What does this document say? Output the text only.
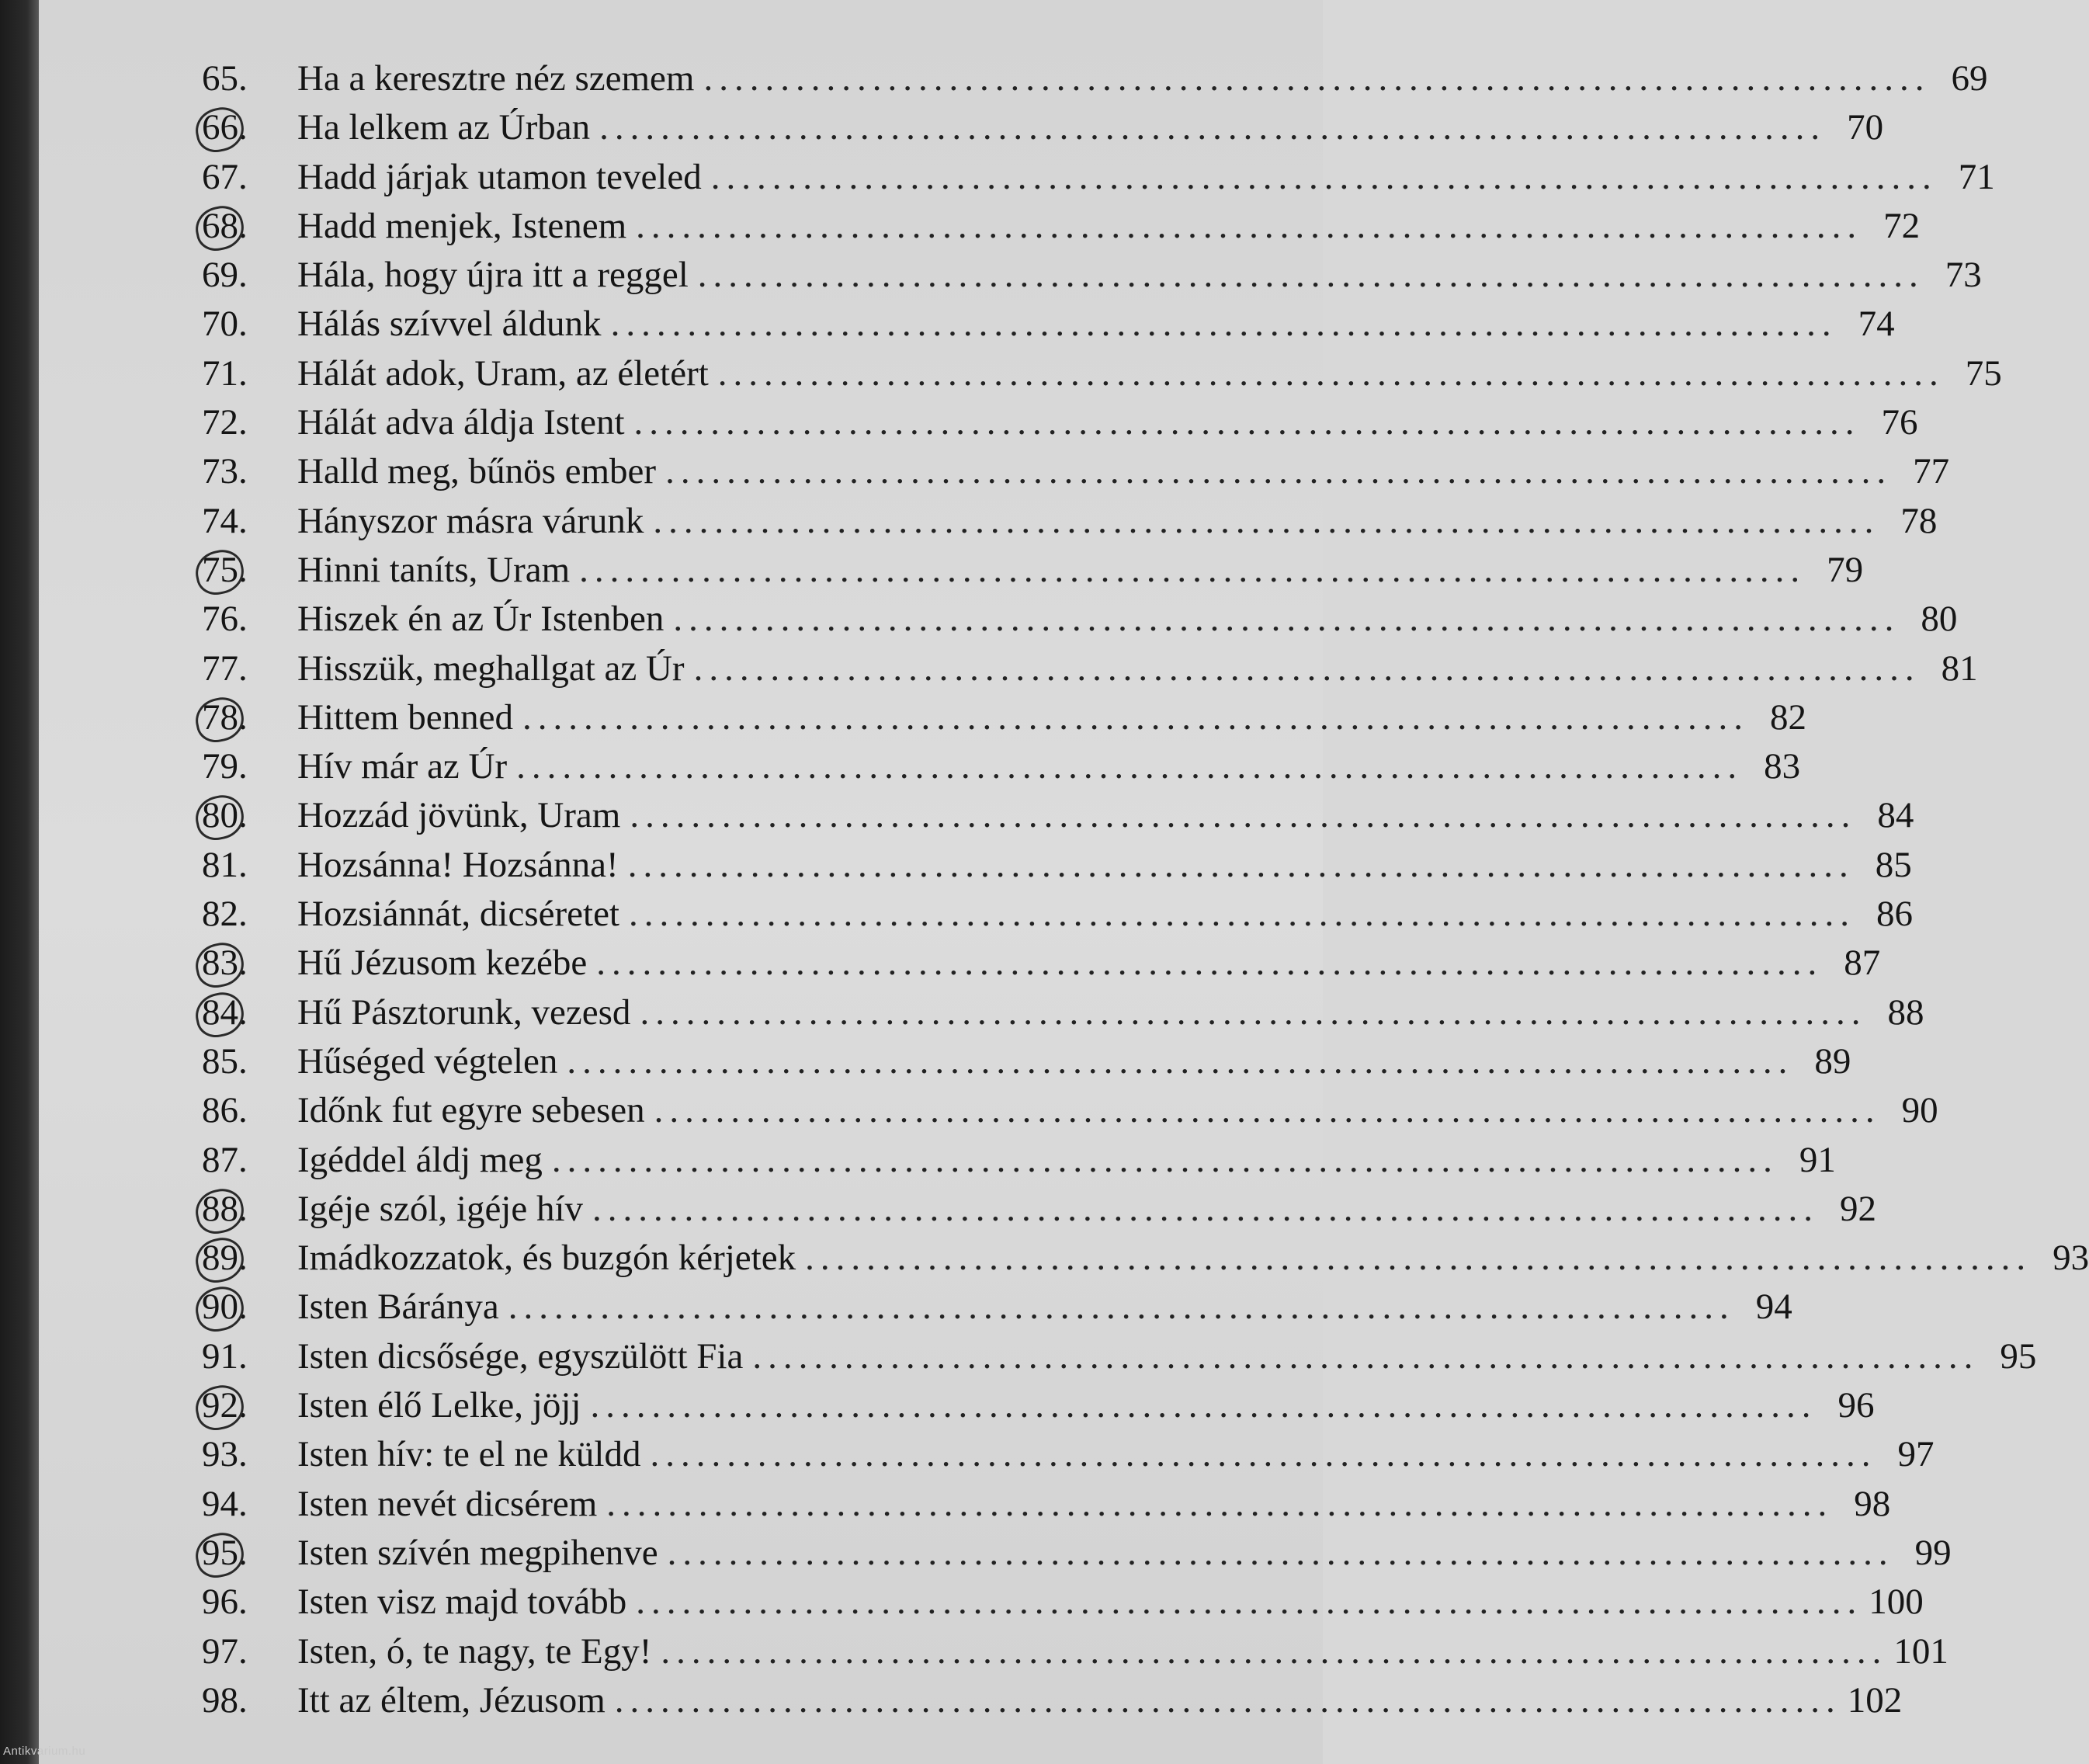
65.	Ha a keresztre néz szemem ................................................................................ 69
66.	Ha lelkem az Úrban ................................................................................ 70
67.	Hadd járjak utamon teveled ................................................................................ 71
68.	Hadd menjek, Istenem ................................................................................ 72
69.	Hála, hogy újra itt a reggel ................................................................................ 73
70.	Hálás szívvel áldunk ................................................................................ 74
71.	Hálát adok, Uram, az életért ................................................................................ 75
72.	Hálát adva áldja Istent ................................................................................ 76
73.	Halld meg, bűnös ember ................................................................................ 77
74.	Hányszor másra várunk ................................................................................ 78
75.	Hinni taníts, Uram ................................................................................ 79
76.	Hiszek én az Úr Istenben ................................................................................ 80
77.	Hisszük, meghallgat az Úr ................................................................................ 81
78.	Hittem benned ................................................................................ 82
79.	Hív már az Úr ................................................................................ 83
80.	Hozzád jövünk, Uram ................................................................................ 84
81.	Hozsánna! Hozsánna! ................................................................................ 85
82.	Hozsiánnát, dicséretet ................................................................................ 86
83.	Hű Jézusom kezébe ................................................................................ 87
84.	Hű Pásztorunk, vezesd ................................................................................ 88
85.	Hűséged végtelen ................................................................................ 89
86.	Időnk fut egyre sebesen ................................................................................ 90
87.	Igéddel áldj meg ................................................................................ 91
88.	Igéje szól, igéje hív ................................................................................ 92
89.	Imádkozzatok, és buzgón kérjetek ................................................................................ 93
90.	Isten Báránya ................................................................................ 94
91.	Isten dicsősége, egyszülött Fia ................................................................................ 95
92.	Isten élő Lelke, jöjj ................................................................................ 96
93.	Isten hív: te el ne küldd ................................................................................ 97
94.	Isten nevét dicsérem ................................................................................ 98
95.	Isten szívén megpihenve ................................................................................ 99
96.	Isten visz majd tovább ................................................................................ 100
97.	Isten, ó, te nagy, te Egy! ................................................................................ 101
98.	Itt az éltem, Jézusom ................................................................................ 102
Antikvarium.hu
